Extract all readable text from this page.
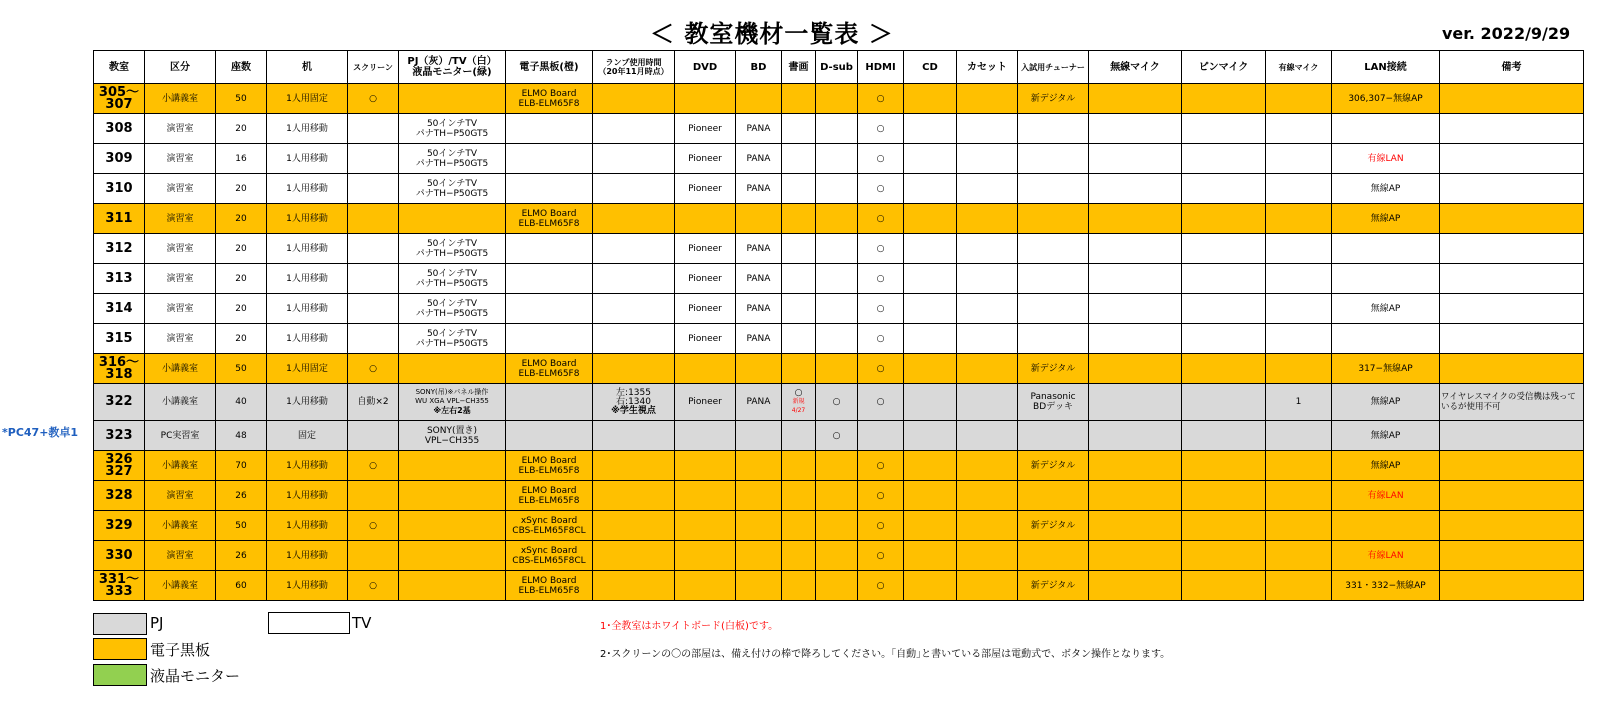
＜ 教室機材一覧表 ＞	ver. 2022/9/29
*PC47+教卓1
教室	区分	座数	机	スクリーン	PJ（灰）/TV（白）
液晶モニター(緑)	電子黒板(橙)	ランプ使用時間
（20年11月時点）	DVD	BD	書画	D-sub	HDMI	CD	カセット	入試用チューナー	無線マイク	ピンマイク	有線マイク	LAN接続	備考
305～307	小講義室	50	1人用固定	○		ELMO Board
ELB-ELM65F8						○			新デジタル				306,307−無線AP	
308	演習室	20	1人用移動		50インチTV
パナTH−P50GT5			Pioneer	PANA			○								
309	演習室	16	1人用移動		50インチTV
パナTH−P50GT5			Pioneer	PANA			○							有線LAN	
310	演習室	20	1人用移動		50インチTV
パナTH−P50GT5			Pioneer	PANA			○							無線AP	
311	演習室	20	1人用移動			ELMO Board
ELB-ELM65F8						○							無線AP	
312	演習室	20	1人用移動		50インチTV
パナTH−P50GT5			Pioneer	PANA			○								
313	演習室	20	1人用移動		50インチTV
パナTH−P50GT5			Pioneer	PANA			○								
314	演習室	20	1人用移動		50インチTV
パナTH−P50GT5			Pioneer	PANA			○							無線AP	
315	演習室	20	1人用移動		50インチTV
パナTH−P50GT5			Pioneer	PANA			○								
316～318	小講義室	50	1人用固定	○		ELMO Board
ELB-ELM65F8						○			新デジタル				317−無線AP	
322	小講義室	40	1人用移動	自動×2	SONY(吊)※パネル操作
WU XGA VPL−CH355
※左右2基		左:1355
右:1340
※学生視点	Pioneer	PANA	○
新規
4/27	○	○			Panasonic
BDデッキ			1	無線AP	ワイヤレスマイクの受信機は残っているが使用不可
323	PC実習室	48	固定		SONY(置き)
VPL−CH355						○								無線AP	
326 327	小講義室	70	1人用移動	○		ELMO Board
ELB-ELM65F8						○			新デジタル				無線AP	
328	演習室	26	1人用移動			ELMO Board
ELB-ELM65F8						○							有線LAN	
329	小講義室	50	1人用移動	○		xSync Board
CBS-ELM65F8CL						○			新デジタル					
330	演習室	26	1人用移動			xSync Board
CBS-ELM65F8CL						○							有線LAN	
331～333	小講義室	60	1人用移動	○		ELMO Board
ELB-ELM65F8						○			新デジタル				331・332−無線AP	
PJ	TV
電子黒板
液晶モニター
1･全教室はホワイトボード(白板)です。
2･スクリーンの〇の部屋は、備え付けの棒で降ろしてください。｢自動｣と書いている部屋は電動式で、ボタン操作となります。
